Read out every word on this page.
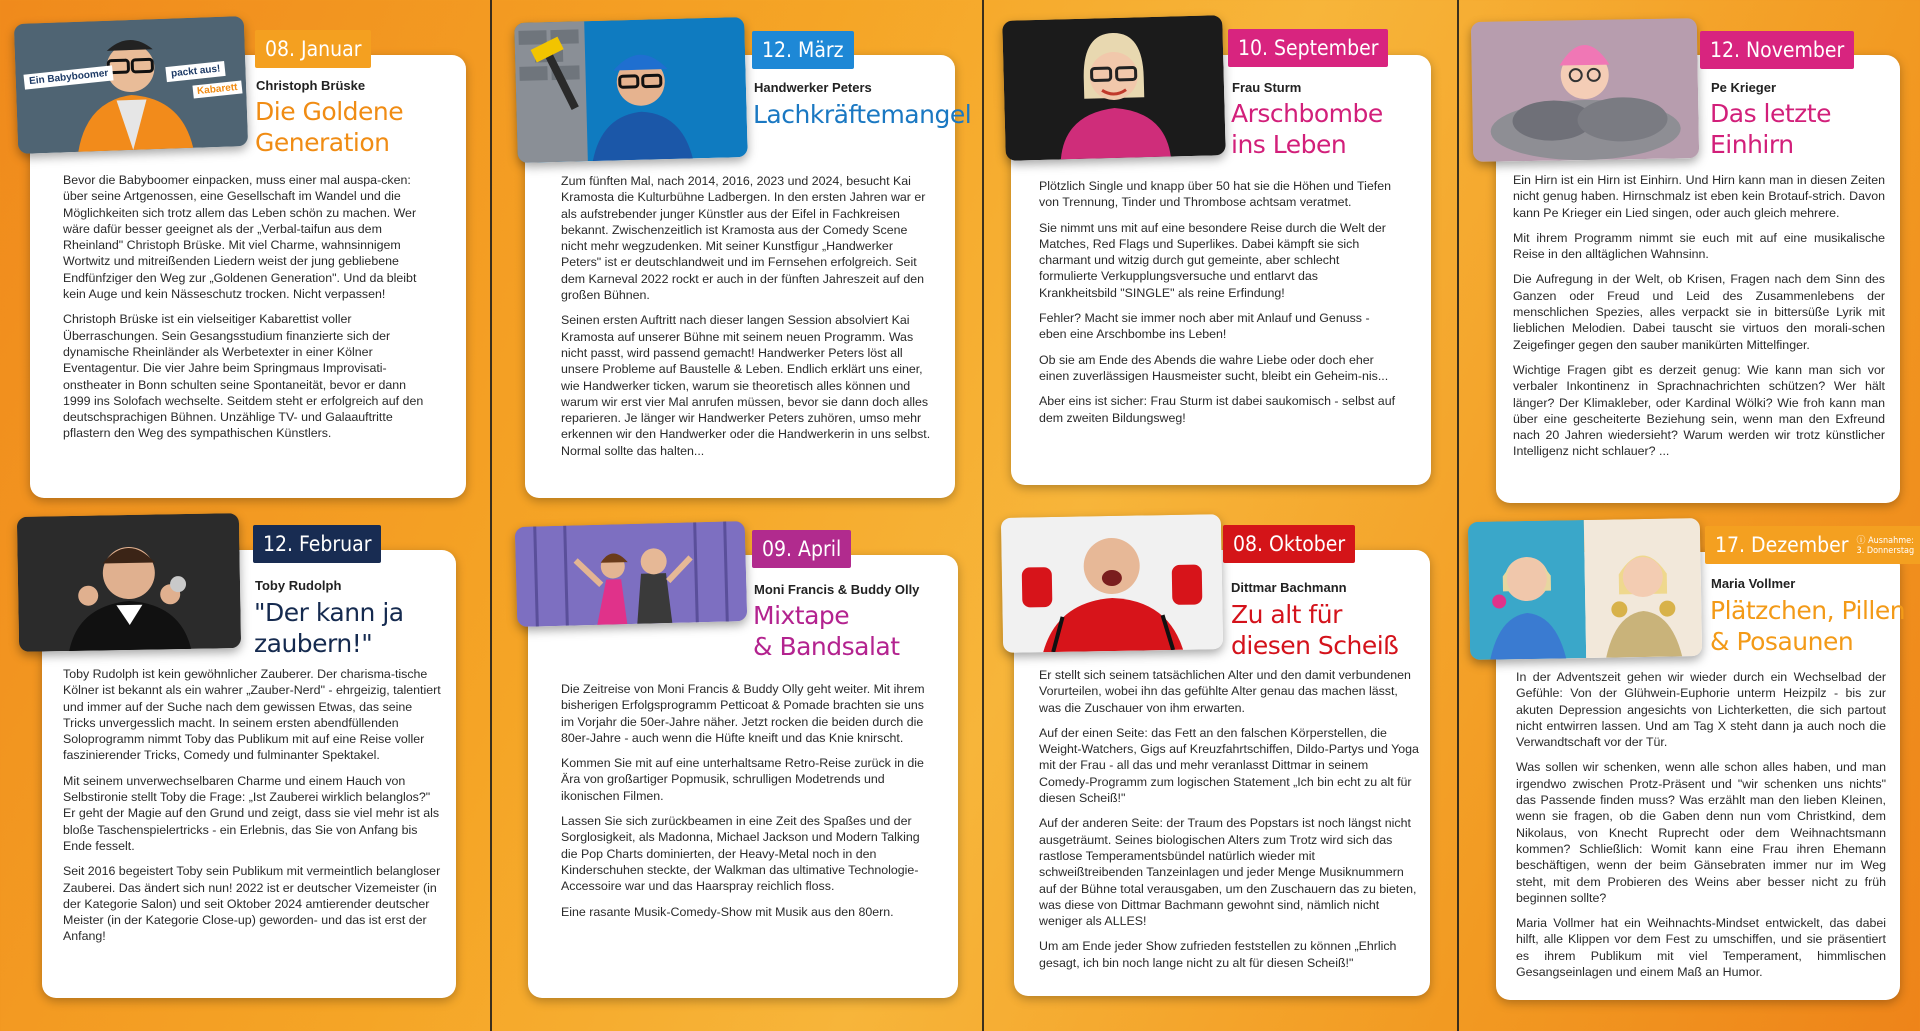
Ein Babyboomer	packt aus!
Kabarett
08. Januar
Christoph Brüske
Die Goldene
Generation

Bevor die Babyboomer einpacken, muss einer mal auspa-cken: über seine Artgenossen, eine Gesellschaft im Wandel und die Möglichkeiten sich trotz allem das Leben schön zu machen. Wer wäre dafür besser geeignet als der „Verbal-taifun aus dem Rheinland" Christoph Brüske. Mit viel Charme, wahnsinnigem Wortwitz und mitreißenden Liedern weist der jung gebliebene Endfünfziger den Weg zur „Goldenen Generation". Und da bleibt kein Auge und kein Nässeschutz trocken. Nicht verpassen!

Christoph Brüske ist ein vielseitiger Kabarettist voller Überraschungen. Sein Gesangsstudium finanzierte sich der dynamische Rheinländer als Werbetexter in einer Kölner Eventagentur. Die vier Jahre beim Springmaus Improvisati-onstheater in Bonn schulten seine Spontaneität, bevor er dann 1999 ins Solofach wechselte. Seitdem steht er erfolgreich auf den deutschsprachigen Bühnen. Unzählige TV- und Galaauftritte pflastern den Weg des sympathischen Künstlers.

12. März
Handwerker Peters
Lachkräftemangel

Zum fünften Mal, nach 2014, 2016, 2023 und 2024, besucht Kai Kramosta die Kulturbühne Ladbergen. In den ersten Jahren war er als aufstrebender junger Künstler aus der Eifel in Fachkreisen bekannt. Zwischenzeitlich ist Kramosta aus der Comedy Scene nicht mehr wegzudenken. Mit seiner Kunstfigur „Handwerker Peters" ist er deutschlandweit und im Fernsehen erfolgreich. Seit dem Karneval 2022 rockt er auch in der fünften Jahreszeit auf den großen Bühnen.

Seinen ersten Auftritt nach dieser langen Session absolviert Kai Kramosta auf unserer Bühne mit seinem neuen Programm. Was nicht passt, wird passend gemacht! Handwerker Peters löst all unsere Probleme auf Baustelle & Leben. Endlich erklärt uns einer, wie Handwerker ticken, warum sie theoretisch alles können und warum wir erst vier Mal anrufen müssen, bevor sie dann doch alles reparieren. Je länger wir Handwerker Peters zuhören, umso mehr erkennen wir den Handwerker oder die Handwerkerin in uns selbst. Normal sollte das halten...

10. September
Frau Sturm
Arschbombe
ins Leben

Plötzlich Single und knapp über 50 hat sie die Höhen und Tiefen von Trennung, Tinder und Thrombose achtsam veratmet.

Sie nimmt uns mit auf eine besondere Reise durch die Welt der Matches, Red Flags und Superlikes. Dabei kämpft sie sich charmant und witzig durch gut gemeinte, aber schlecht formulierte Verkupplungsversuche und entlarvt das Krankheitsbild "SINGLE" als reine Erfindung!

Fehler? Macht sie immer noch aber mit Anlauf und Genuss - eben eine Arschbombe ins Leben!

Ob sie am Ende des Abends die wahre Liebe oder doch eher einen zuverlässigen Hausmeister sucht, bleibt ein Geheim-nis...

Aber eins ist sicher: Frau Sturm ist dabei saukomisch - selbst auf dem zweiten Bildungsweg!

12. November
Pe Krieger
Das letzte
Einhirn

Ein Hirn ist ein Hirn ist Einhirn. Und Hirn kann man in diesen Zeiten nicht genug haben. Hirnschmalz ist eben kein Brotauf-strich. Davon kann Pe Krieger ein Lied singen, oder auch gleich mehrere.

Mit ihrem Programm nimmt sie euch mit auf eine musikalische Reise in den alltäglichen Wahnsinn.

Die Aufregung in der Welt, ob Krisen, Fragen nach dem Sinn des Ganzen oder Freud und Leid des Zusammenlebens der menschlichen Spezies, alles verpackt sie in bittersüße Lyrik mit lieblichen Melodien. Dabei tauscht sie virtuos den morali-schen Zeigefinger gegen den sauber manikürten Mittelfinger.

Wichtige Fragen gibt es derzeit genug: Wie kann man sich vor verbaler Inkontinenz in Sprachnachrichten schützen? Wer hält länger? Der Klimakleber, oder Kardinal Wölki? Wie froh kann man über eine gescheiterte Beziehung sein, wenn man den Exfreund nach 20 Jahren wiedersieht? Warum werden wir trotz künstlicher Intelligenz nicht schlauer? ...

12. Februar
Toby Rudolph
"Der kann ja
zaubern!"

Toby Rudolph ist kein gewöhnlicher Zauberer. Der charisma-tische Kölner ist bekannt als ein wahrer „Zauber-Nerd" - ehrgeizig, talentiert und immer auf der Suche nach dem gewissen Etwas, das seine Tricks unvergesslich macht. In seinem ersten abendfüllenden Soloprogramm nimmt Toby das Publikum mit auf eine Reise voller faszinierender Tricks, Comedy und fulminanter Spektakel.

Mit seinem unverwechselbaren Charme und einem Hauch von Selbstironie stellt Toby die Frage: „Ist Zauberei wirklich belanglos?" Er geht der Magie auf den Grund und zeigt, dass sie viel mehr ist als bloße Taschenspielertricks - ein Erlebnis, das Sie von Anfang bis Ende fesselt.

Seit 2016 begeistert Toby sein Publikum mit vermeintlich belangloser Zauberei. Das ändert sich nun! 2022 ist er deutscher Vizemeister (in der Kategorie Salon) und seit Oktober 2024 amtierender deutscher Meister (in der Kategorie Close-up) geworden- und das ist erst der Anfang!

09. April
Moni Francis & Buddy Olly
Mixtape
& Bandsalat

Die Zeitreise von Moni Francis & Buddy Olly geht weiter. Mit ihrem bisherigen Erfolgsprogramm Petticoat & Pomade brachten sie uns im Vorjahr die 50er-Jahre näher. Jetzt rocken die beiden durch die 80er-Jahre - auch wenn die Hüfte kneift und das Knie knirscht.

Kommen Sie mit auf eine unterhaltsame Retro-Reise zurück in die Ära von großartiger Popmusik, schrulligen Modetrends und ikonischen Filmen.

Lassen Sie sich zurückbeamen in eine Zeit des Spaßes und der Sorglosigkeit, als Madonna, Michael Jackson und Modern Talking die Pop Charts dominierten, der Heavy-Metal noch in den Kinderschuhen steckte, der Walkman das ultimative Technologie-Accessoire war und das Haarspray reichlich floss.

Eine rasante Musik-Comedy-Show mit Musik aus den 80ern.

08. Oktober
Dittmar Bachmann
Zu alt für
diesen Scheiß

Er stellt sich seinem tatsächlichen Alter und den damit verbundenen Vorurteilen, wobei ihn das gefühlte Alter genau das machen lässt, was die Zuschauer von ihm erwarten.

Auf der einen Seite: das Fett an den falschen Körperstellen, die Weight-Watchers, Gigs auf Kreuzfahrtschiffen, Dildo-Partys und Yoga mit der Frau - all das und mehr veranlasst Dittmar in seinem Comedy-Programm zum logischen Statement „Ich bin echt zu alt für diesen Scheiß!"

Auf der anderen Seite: der Traum des Popstars ist noch längst nicht ausgeträumt. Seines biologischen Alters zum Trotz wird sich das rastlose Temperamentsbündel natürlich wieder mit schweißtreibenden Tanzeinlagen und jeder Menge Musiknummern auf der Bühne total verausgaben, um den Zuschauern das zu bieten, was diese von Dittmar Bachmann gewohnt sind, nämlich nicht weniger als ALLES!

Um am Ende jeder Show zufrieden feststellen zu können „Ehrlich gesagt, ich bin noch lange nicht zu alt für diesen Scheiß!"

17. Dezember ⓘ Ausnahme:
3. Donnerstag
Maria Vollmer
Plätzchen, Pillen
& Posaunen

In der Adventszeit gehen wir wieder durch ein Wechselbad der Gefühle: Von der Glühwein-Euphorie unterm Heizpilz - bis zur akuten Depression angesichts von Lichterketten, die sich partout nicht entwirren lassen. Und am Tag X steht dann ja auch noch die Verwandtschaft vor der Tür.

Was sollen wir schenken, wenn alle schon alles haben, und man irgendwo zwischen Protz-Präsent und "wir schenken uns nichts" das Passende finden muss? Was erzählt man den lieben Kleinen, wenn sie fragen, ob die Gaben denn nun vom Christkind, dem Nikolaus, von Knecht Ruprecht oder dem Weihnachtsmann kommen? Schließlich: Womit kann eine Frau ihren Ehemann beschäftigen, wenn der beim Gänsebraten immer nur im Weg steht, mit dem Probieren des Weins aber besser nicht zu früh beginnen sollte?

Maria Vollmer hat ein Weihnachts-Mindset entwickelt, das dabei hilft, alle Klippen vor dem Fest zu umschiffen, und sie präsentiert es ihrem Publikum mit viel Temperament, himmlischen Gesangseinlagen und einem Maß an Humor.
